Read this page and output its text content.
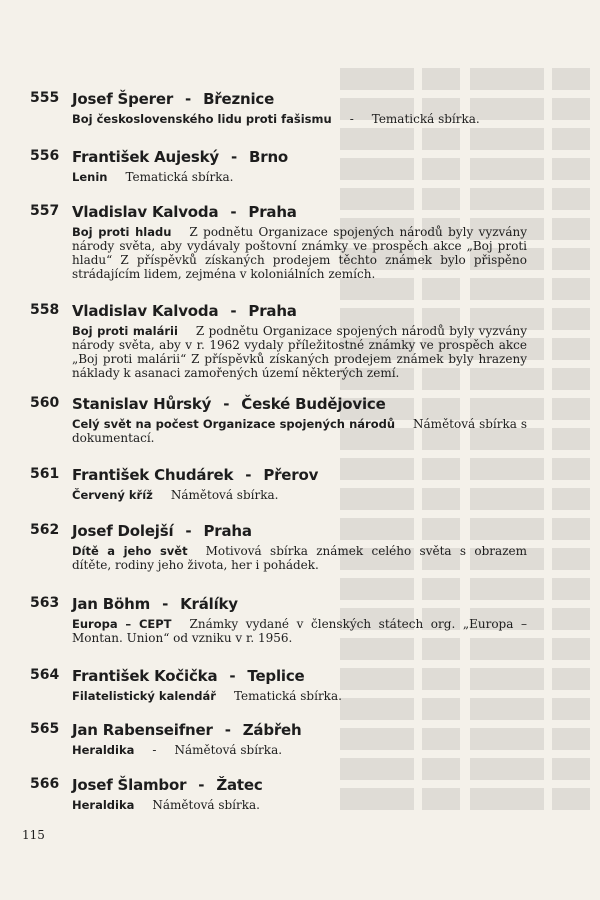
555 Josef Šperer - Březnice
Boj československého lidu proti fašismu - Tematická sbírka.
556 František Aujeský - Brno
Lenin Tematická sbírka.
557 Vladislav Kalvoda - Praha
Boj proti hladu Z podnětu Organizace spojených národů byly vyzvány národy světa, aby vydávaly poštovní známky ve prospěch akce „Boj proti hladu“ Z příspěvků získaných prodejem těchto známek bylo přispěno strádajícím lidem, zejména v koloniálních zemích.
558 Vladislav Kalvoda - Praha
Boj proti malárii Z podnětu Organizace spojených národů byly vyzvány národy světa, aby v r. 1962 vydaly příležitostné známky ve prospěch akce „Boj proti malárii“ Z příspěvků získaných prodejem známek byly hrazeny náklady k asanaci zamořených území některých zemí.
560 Stanislav Hůrský - České Budějovice
Celý svět na počest Organizace spojených národů Námětová sbírka s dokumentací.
561 František Chudárek - Přerov
Červený kříž Námětová sbírka.
562 Josef Dolejší - Praha
Dítě a jeho svět Motivová sbírka známek celého světa s obrazem dítěte, rodiny jeho života, her i pohádek.
563 Jan Böhm - Králíky
Europa – CEPT Známky vydané v členských státech org. „Europa – Montan. Union“ od vzniku v r. 1956.
564 František Kočička - Teplice
Filatelistický kalendář Tematická sbírka.
565 Jan Rabenseifner - Zábřeh
Heraldika - Námětová sbírka.
566 Josef Šlambor - Žatec
Heraldika Námětová sbírka.
115
